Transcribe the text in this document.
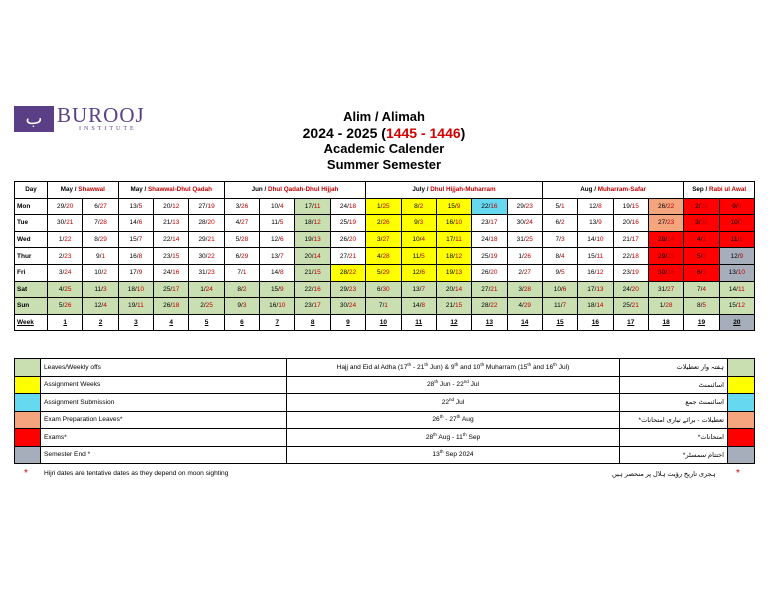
ب BUROOJ
INSTITUTE
Alim / Alimah
2024 - 2025 (1445 - 1446)
Academic Calender
Summer Semester
Day	May / Shawwal		May / Shawwal-Dhul Qadah			Jun / Dhul Qadah-Dhul Hijjah				July / Dhul Hijjah-Muharram					Aug / Muharram-Safar				Sep / Rabi ul Awal	
Mon	29/20	6/27	13/5	20/12	27/19	3/26	10/4	17/11	24/18	1/25	8/2	15/9	22/16	29/23	5/1	12/8	19/15	26/22	2/29	9/6
Tue	30/21	7/28	14/6	21/13	28/20	4/27	11/5	18/12	25/19	2/26	9/3	16/10	23/17	30/24	6/2	13/9	20/16	27/23	3/30	10/7
Wed	1/22	8/29	15/7	22/14	29/21	5/28	12/6	19/13	26/20	3/27	10/4	17/11	24/18	31/25	7/3	14/10	21/17	28/24	4/1	11/8
Thur	2/23	9/1	16/8	23/15	30/22	6/29	13/7	20/14	27/21	4/28	11/5	18/12	25/19	1/26	8/4	15/11	22/18	29/25	5/2	12/9
Fri	3/24	10/2	17/9	24/16	31/23	7/1	14/8	21/15	28/22	5/29	12/6	19/13	26/20	2/27	9/5	16/12	23/19	30/26	6/3	13/10
Sat	4/25	11/3	18/10	25/17	1/24	8/2	15/9	22/16	29/23	6/30	13/7	20/14	27/21	3/28	10/6	17/13	24/20	31/27	7/4	14/11
Sun	5/26	12/4	19/11	26/18	2/25	9/3	16/10	23/17	30/24	7/1	14/8	21/15	28/22	4/29	11/7	18/14	25/21	1/28	8/5	15/12
Week	1	2	3	4	5	6	7	8	9	10	11	12	13	14	15	16	17	18	19	20
	Leaves/Weekly offs	Hajj and Eid al Adha (17th - 21th Jun) & 9th and 10th Muharram (15th and 16th Jul)	ہفتہ وار تعطیلات	
	Assignment Weeks	28th Jun - 22nd Jul	اسائنمنٹ	
	Assignment Submission	22nd Jul	اسائنمنٹ جمع	
	Exam Preparation Leaves*	26th - 27th Aug	تعطیلات - برائے تیاری امتحانات*	
	Exams*	28th Aug - 11th Sep	امتحانات*	
	Semester End *	13th Sep 2024	اختتام سمسٹر*	
* Hijri dates are tentative dates as they depend on moon sighting	ہجری تاریخ رؤیت ہلال پر منحصر ہیں *
